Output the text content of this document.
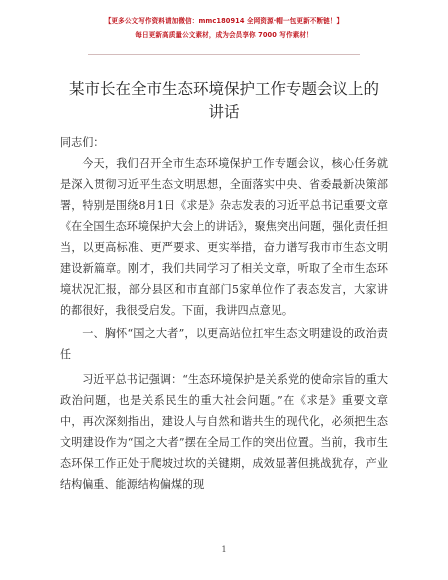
【更多公文写作资料请加微信：mmc180914 全网资源·帽一包更新不断链！】
每日更新高质量公文素材，成为会员享你 7000 写作素材！
某市长在全市生态环境保护工作专题会议上的
讲话

同志们：

今天，我们召开全市生态环境保护工作专题会议，核心任务就是深入贯彻习近平生态文明思想，全面落实中央、省委最新决策部署，特别是围绕8月1日《求是》杂志发表的习近平总书记重要文章《在全国生态环境保护大会上的讲话》，聚焦突出问题，强化责任担当，以更高标准、更严要求、更实举措，奋力谱写我市市生态文明建设新篇章。刚才，我们共同学习了相关文章，听取了全市生态环境状况汇报，部分县区和市直部门5家单位作了表态发言，大家讲的都很好，我很受启发。下面，我讲四点意见。

一、胸怀“国之大者”，以更高站位扛牢生态文明建设的政治责任

习近平总书记强调：“生态环境保护是关系党的使命宗旨的重大政治问题，也是关系民生的重大社会问题。”在《求是》重要文章中，再次深刻指出，建设人与自然和谐共生的现代化，必须把生态文明建设作为“国之大者”摆在全局工作的突出位置。当前，我市生态环保工作正处于爬坡过坎的关键期，成效显著但挑战犹存，产业结构偏重、能源结构偏煤的现

1
